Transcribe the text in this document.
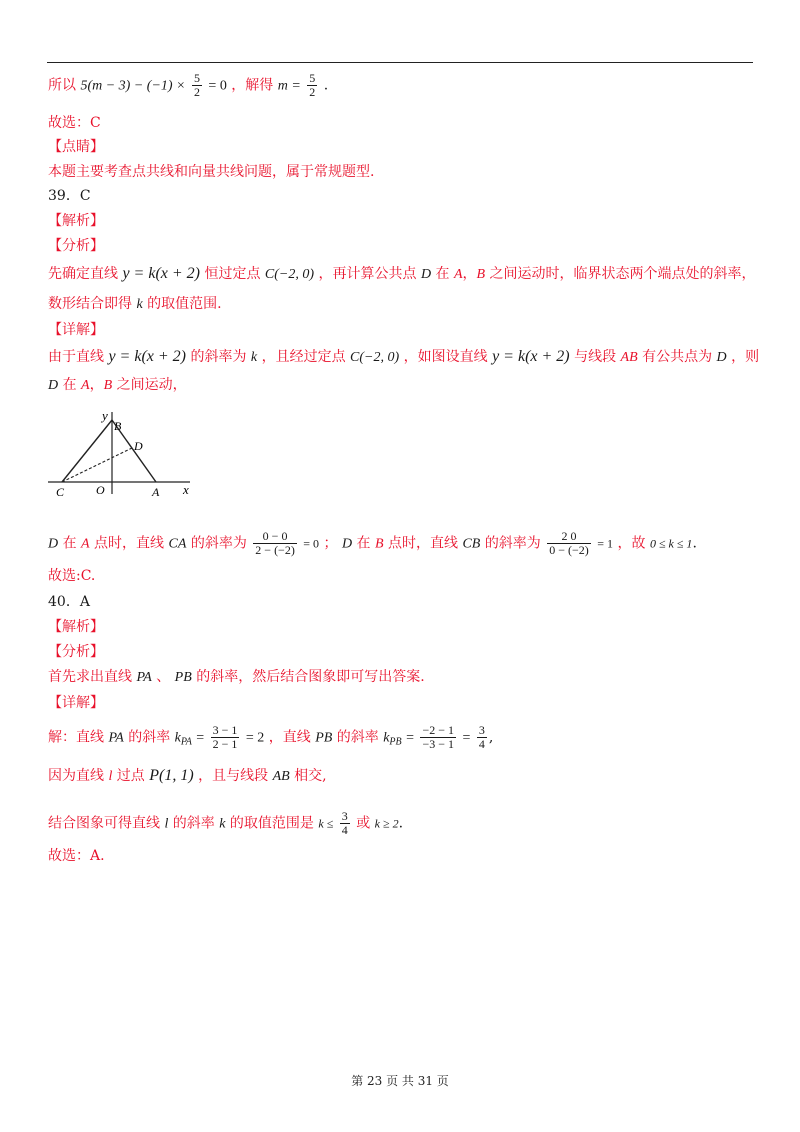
所以 $5(m - 3) - (-1) \times \frac{5}{2} = 0$ ，解得 $m = \frac{5}{2}$ .
故选：C
【点睛】
本题主要考查点共线和向量共线问题，属于常规题型.
39．C
【解析】
【分析】
先确定直线 y = k(x + 2) 恒过定点 C(−2, 0) ，再计算公共点 D 在 A，B 之间运动时，临界状态两个端点处的斜率，
数形结合即得 k 的取值范围.
【详解】
由于直线 y = k(x + 2) 的斜率为 k ，且经过定点 C(−2, 0) ，如图设直线 y = k(x + 2) 与线段 AB 有公共点为 D ，则
D 在 A，B 之间运动，
y
B
D
C	O	A x
D 在 A 点时，直线 CA 的斜率为 $\frac{0 - 0}{2 - (-2)} = 0$ ； D 在 B 点时，直线 CB 的斜率为 $\frac{2 0}{0 - (-2)} = 1$ ，故 0 ≤ k ≤ 1.
故选:C.
40．A
【解析】
【分析】
首先求出直线 PA 、 PB 的斜率，然后结合图象即可写出答案.
【详解】
解：直线 PA 的斜率 $k_{PA} = \frac{3 - 1}{2 - 1} = 2$ ，直线 PB 的斜率 $k_{PB} = \frac{-2 - 1}{-3 - 1} = \frac{3}{4}$ ,
因为直线 l 过点 P(1, 1) ，且与线段 AB 相交,
结合图象可得直线 l 的斜率 k 的取值范围是 $k \le \frac{3}{4}$ 或 k ≥ 2.
故选：A.
第 23 页 共 31 页
